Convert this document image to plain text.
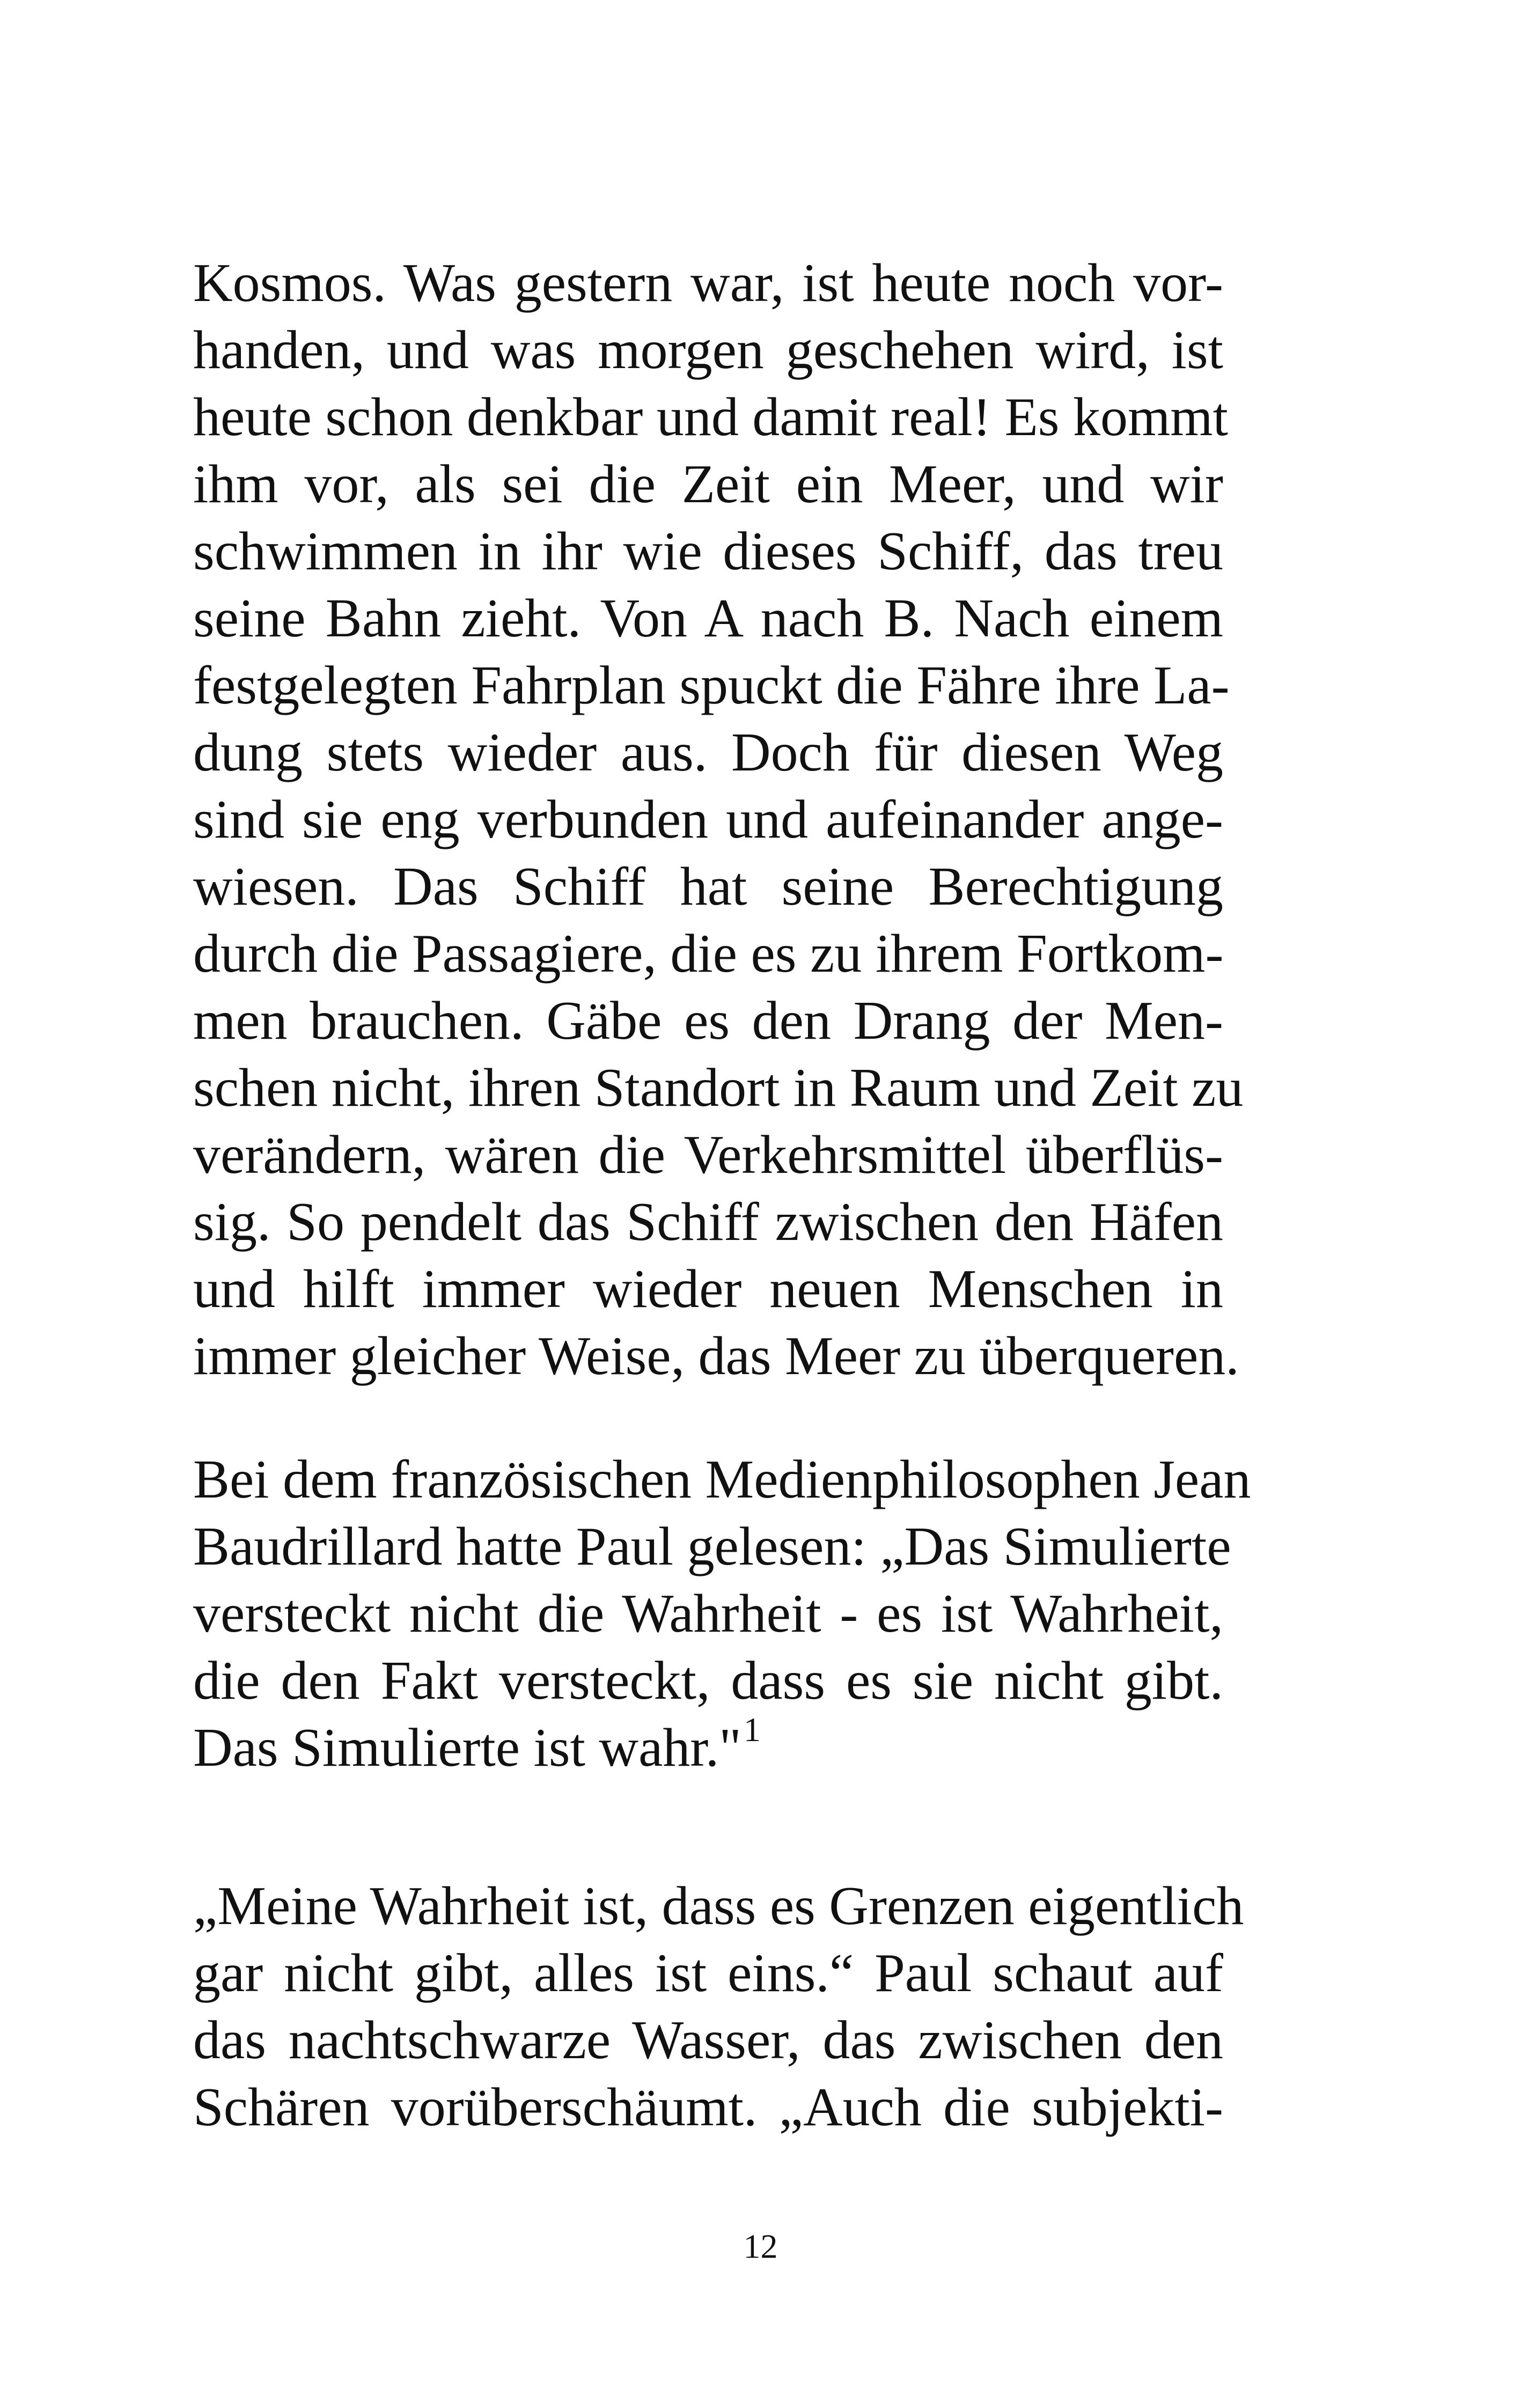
Kosmos. Was gestern war, ist heute noch vor-
handen, und was morgen geschehen wird, ist
heute schon denkbar und damit real! Es kommt
ihm vor, als sei die Zeit ein Meer, und wir
schwimmen in ihr wie dieses Schiff, das treu
seine Bahn zieht. Von A nach B. Nach einem
festgelegten Fahrplan spuckt die Fähre ihre La-
dung stets wieder aus. Doch für diesen Weg
sind sie eng verbunden und aufeinander ange-
wiesen. Das Schiff hat seine Berechtigung
durch die Passagiere, die es zu ihrem Fortkom-
men brauchen. Gäbe es den Drang der Men-
schen nicht, ihren Standort in Raum und Zeit zu
verändern, wären die Verkehrsmittel überflüs-
sig. So pendelt das Schiff zwischen den Häfen
und hilft immer wieder neuen Menschen in
immer gleicher Weise, das Meer zu überqueren.
Bei dem französischen Medienphilosophen Jean
Baudrillard hatte Paul gelesen: „Das Simulierte
versteckt nicht die Wahrheit - es ist Wahrheit,
die den Fakt versteckt, dass es sie nicht gibt.
Das Simulierte ist wahr."$^1$
„Meine Wahrheit ist, dass es Grenzen eigentlich
gar nicht gibt, alles ist eins.“ Paul schaut auf
das nachtschwarze Wasser, das zwischen den
Schären vorüberschäumt. „Auch die subjekti-
12
